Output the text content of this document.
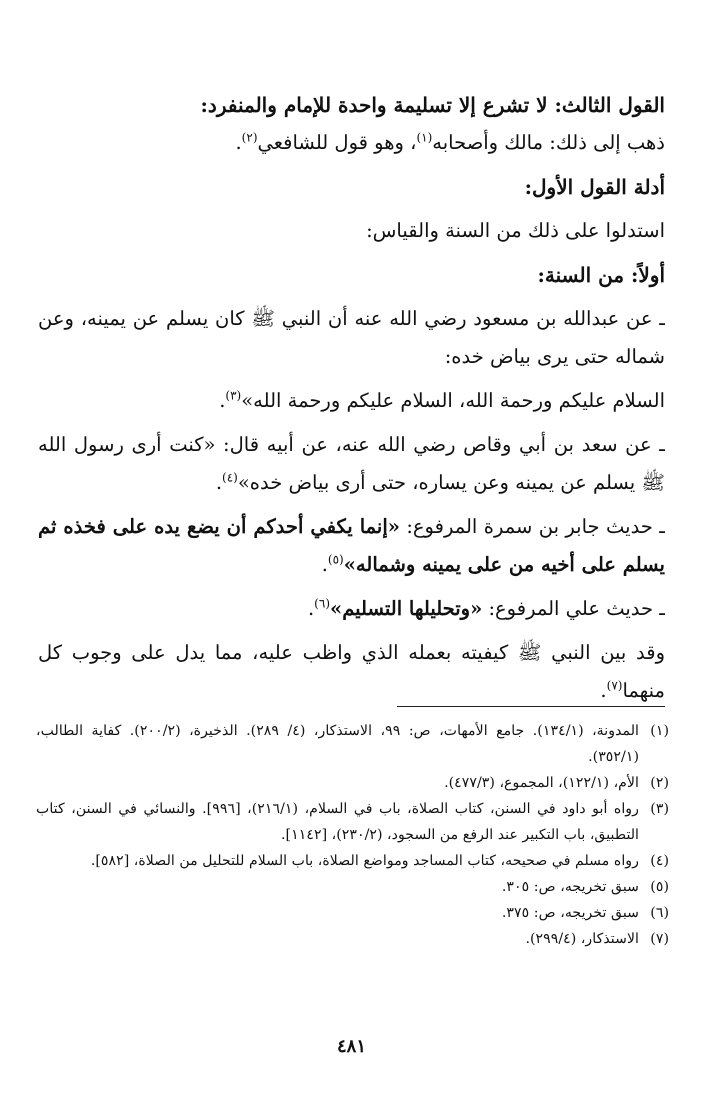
القول الثالث: لا تشرع إلا تسليمة واحدة للإمام والمنفرد:

ذهب إلى ذلك: مالك وأصحابه$^{(١)}$، وهو قول للشافعي$^{(٢)}$.

أدلة القول الأول:

استدلوا على ذلك من السنة والقياس:

أولاً: من السنة:

ـ عن عبدالله بن مسعود رضي الله عنه أن النبي ﷺ كان يسلم عن يمينه، وعن شماله حتى يرى بياض خده:

السلام عليكم ورحمة الله، السلام عليكم ورحمة الله»$^{(٣)}$.

ـ عن سعد بن أبي وقاص رضي الله عنه، عن أبيه قال: «كنت أرى رسول الله ﷺ يسلم عن يمينه وعن يساره، حتى أرى بياض خده»$^{(٤)}$.

ـ حديث جابر بن سمرة المرفوع: «إنما يكفي أحدكم أن يضع يده على فخذه ثم يسلم على أخيه من على يمينه وشماله»$^{(٥)}$.

ـ حديث علي المرفوع: «وتحليلها التسليم»$^{(٦)}$.

وقد بين النبي ﷺ كيفيته بعمله الذي واظب عليه، مما يدل على وجوب كل منهما$^{(٧)}$.

(١)
المدونة، (١٣٤/١). جامع الأمهات، ص: ٩٩، الاستذكار، (٤/ ٢٨٩). الذخيرة، (٢٠٠/٢). كفاية الطالب، (٣٥٢/١).

(٢)
الأم، (١٢٢/١)، المجموع، (٤٧٧/٣).

(٣)
رواه أبو داود في السنن، كتاب الصلاة، باب في السلام، (٢١٦/١)، [٩٩٦]. والنسائي في السنن، كتاب التطبيق، باب التكبير عند الرفع من السجود، (٢٣٠/٢)، [١١٤٢].

(٤)
رواه مسلم في صحيحه، كتاب المساجد ومواضع الصلاة، باب السلام للتحليل من الصلاة، [٥٨٢].

(٥)
سبق تخريجه، ص: ٣٠٥.

(٦)
سبق تخريجه، ص: ٣٧٥.

(٧)
الاستذكار، (٢٩٩/٤).

٤٨١
